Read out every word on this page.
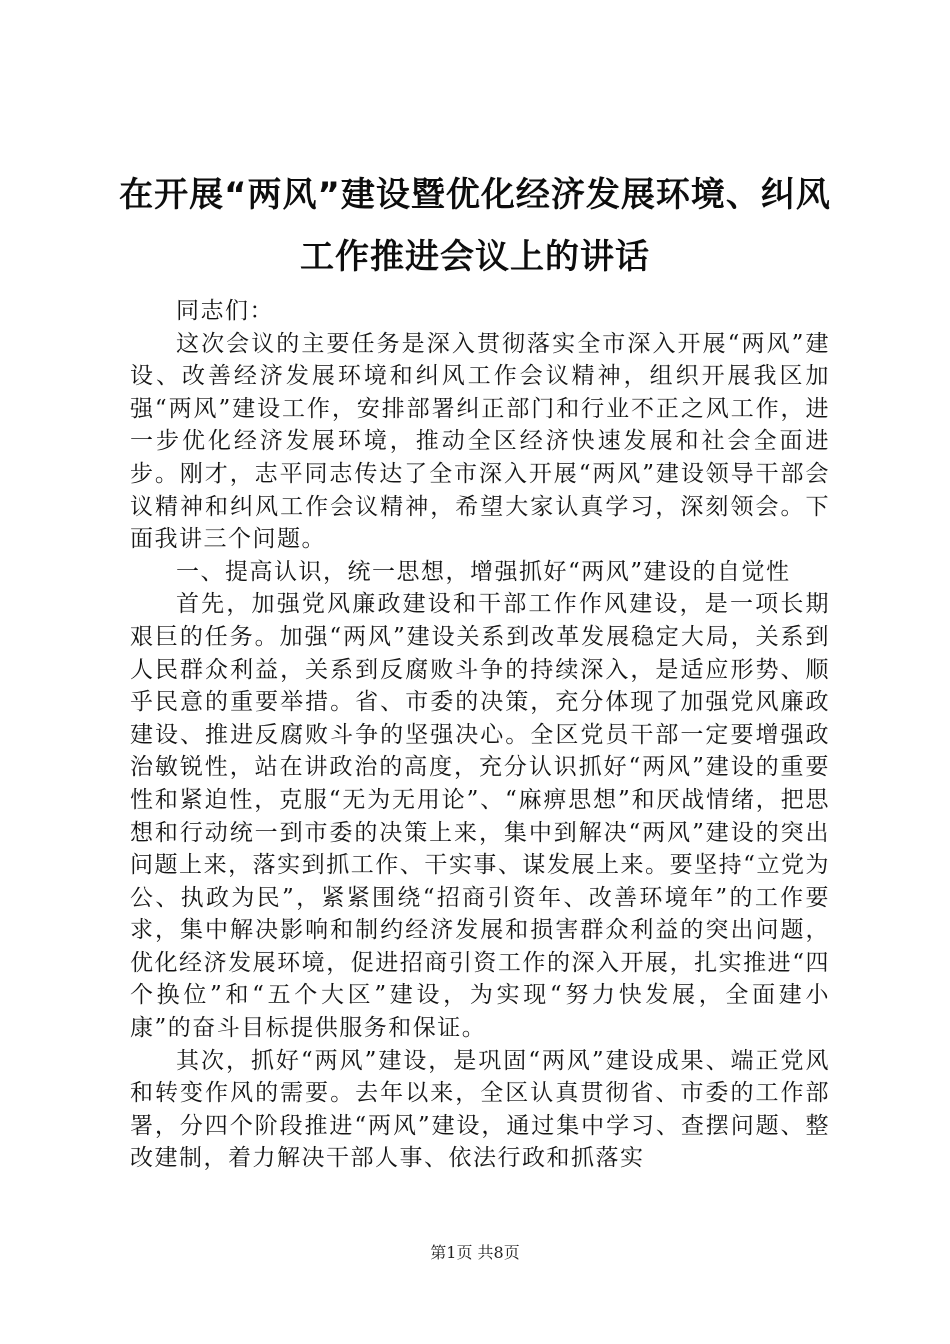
在开展“两风”建设暨优化经济发展环境、纠风工作推进会议上的讲话

同志们：

这次会议的主要任务是深入贯彻落实全市深入开展“两风”建设、改善经济发展环境和纠风工作会议精神，组织开展我区加强“两风”建设工作，安排部署纠正部门和行业不正之风工作，进一步优化经济发展环境，推动全区经济快速发展和社会全面进步。刚才，志平同志传达了全市深入开展“两风”建设领导干部会议精神和纠风工作会议精神，希望大家认真学习，深刻领会。下面我讲三个问题。

一、提高认识，统一思想，增强抓好“两风”建设的自觉性

首先，加强党风廉政建设和干部工作作风建设，是一项长期艰巨的任务。加强“两风”建设关系到改革发展稳定大局，关系到人民群众利益，关系到反腐败斗争的持续深入，是适应形势、顺乎民意的重要举措。省、市委的决策，充分体现了加强党风廉政建设、推进反腐败斗争的坚强决心。全区党员干部一定要增强政治敏锐性，站在讲政治的高度，充分认识抓好“两风”建设的重要性和紧迫性，克服“无为无用论”、“麻痹思想”和厌战情绪，把思想和行动统一到市委的决策上来，集中到解决“两风”建设的突出问题上来，落实到抓工作、干实事、谋发展上来。要坚持“立党为公、执政为民”，紧紧围绕“招商引资年、改善环境年”的工作要求，集中解决影响和制约经济发展和损害群众利益的突出问题，优化经济发展环境，促进招商引资工作的深入开展，扎实推进“四个换位”和“五个大区”建设，为实现“努力快发展，全面建小康”的奋斗目标提供服务和保证。

其次，抓好“两风”建设，是巩固“两风”建设成果、端正党风和转变作风的需要。去年以来，全区认真贯彻省、市委的工作部署，分四个阶段推进“两风”建设，通过集中学习、查摆问题、整改建制，着力解决干部人事、依法行政和抓落实

第1页 共8页
